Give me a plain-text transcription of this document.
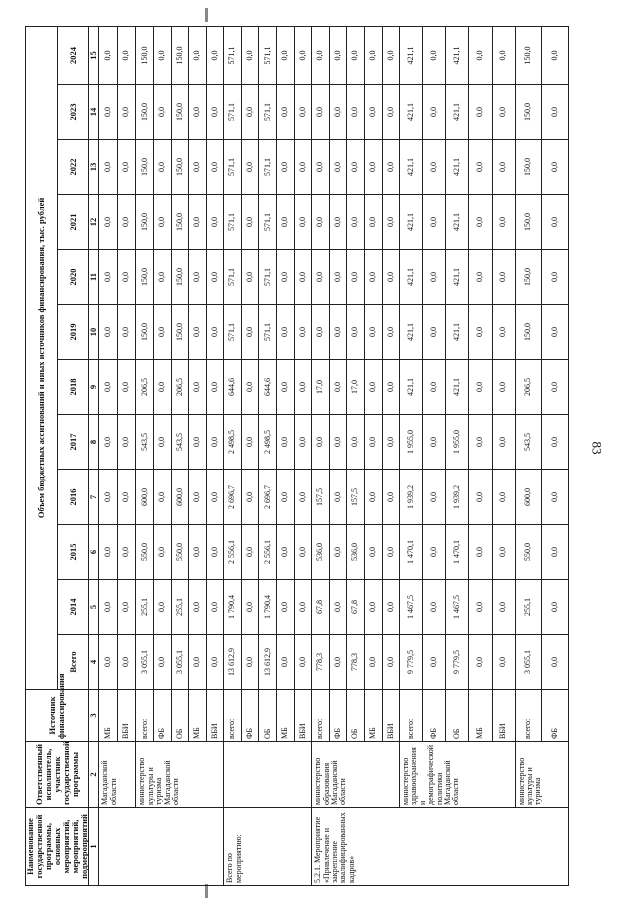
83
Наименование государственной программы, основных мероприятий, мероприятий, подмероприятий	Ответственный исполнитель, участник государственной программы	Источник финансирования	Объем бюджетных ассигнований и иных источников финансирования, тыс. рублей											
			Всего	2014	2015	2016	2017	2018	2019	2020	2021	2022	2023	2024
1	2	3	4	5	6	7	8	9	10	11	12	13	14	15
	Магаданской области	МБ	0,0	0,0	0,0	0,0	0,0	0,0	0,0	0,0	0,0	0,0	0,0	0,0
		ВБИ	0,0	0,0	0,0	0,0	0,0	0,0	0,0	0,0	0,0	0,0	0,0	0,0
	министерство культуры и туризма Магаданской области	всего:	3 055,1	255,1	550,0	600,0	543,5	206,5	150,0	150,0	150,0	150,0	150,0	150,0
		ФБ	0,0	0,0	0,0	0,0	0,0	0,0	0,0	0,0	0,0	0,0	0,0	0,0
		ОБ	3 055,1	255,1	550,0	600,0	543,5	206,5	150,0	150,0	150,0	150,0	150,0	150,0
		МБ	0,0	0,0	0,0	0,0	0,0	0,0	0,0	0,0	0,0	0,0	0,0	0,0
		ВБИ	0,0	0,0	0,0	0,0	0,0	0,0	0,0	0,0	0,0	0,0	0,0	0,0
Всего по мероприятию:		всего:	13 612,9	1 790,4	2 556,1	2 696,7	2 498,5	644,6	571,1	571,1	571,1	571,1	571,1	571,1
		ФБ	0,0	0,0	0,0	0,0	0,0	0,0	0,0	0,0	0,0	0,0	0,0	0,0
		ОБ	13 612,9	1 790,4	2 556,1	2 696,7	2 498,5	644,6	571,1	571,1	571,1	571,1	571,1	571,1
		МБ	0,0	0,0	0,0	0,0	0,0	0,0	0,0	0,0	0,0	0,0	0,0	0,0
		ВБИ	0,0	0,0	0,0	0,0	0,0	0,0	0,0	0,0	0,0	0,0	0,0	0,0
5.2.1. Мероприятие «Привлечение и закрепление квалифицированных кадров»	министерство образования Магаданской области	всего:	778,3	67,8	536,0	157,5	0,0	17,0	0,0	0,0	0,0	0,0	0,0	0,0
		ФБ	0,0	0,0	0,0	0,0	0,0	0,0	0,0	0,0	0,0	0,0	0,0	0,0
		ОБ	778,3	67,8	536,0	157,5	0,0	17,0	0,0	0,0	0,0	0,0	0,0	0,0
		МБ	0,0	0,0	0,0	0,0	0,0	0,0	0,0	0,0	0,0	0,0	0,0	0,0
		ВБИ	0,0	0,0	0,0	0,0	0,0	0,0	0,0	0,0	0,0	0,0	0,0	0,0
	министерство здравоохранения и демографической политики Магаданской области	всего:	9 779,5	1 467,5	1 470,1	1 939,2	1 955,0	421,1	421,1	421,1	421,1	421,1	421,1	421,1
		ФБ	0,0	0,0	0,0	0,0	0,0	0,0	0,0	0,0	0,0	0,0	0,0	0,0
		ОБ	9 779,5	1 467,5	1 470,1	1 939,2	1 955,0	421,1	421,1	421,1	421,1	421,1	421,1	421,1
		МБ	0,0	0,0	0,0	0,0	0,0	0,0	0,0	0,0	0,0	0,0	0,0	0,0
		ВБИ	0,0	0,0	0,0	0,0	0,0	0,0	0,0	0,0	0,0	0,0	0,0	0,0
	министерство культуры и туризма	всего:	3 055,1	255,1	550,0	600,0	543,5	206,5	150,0	150,0	150,0	150,0	150,0	150,0
		ФБ	0,0	0,0	0,0	0,0	0,0	0,0	0,0	0,0	0,0	0,0	0,0	0,0
